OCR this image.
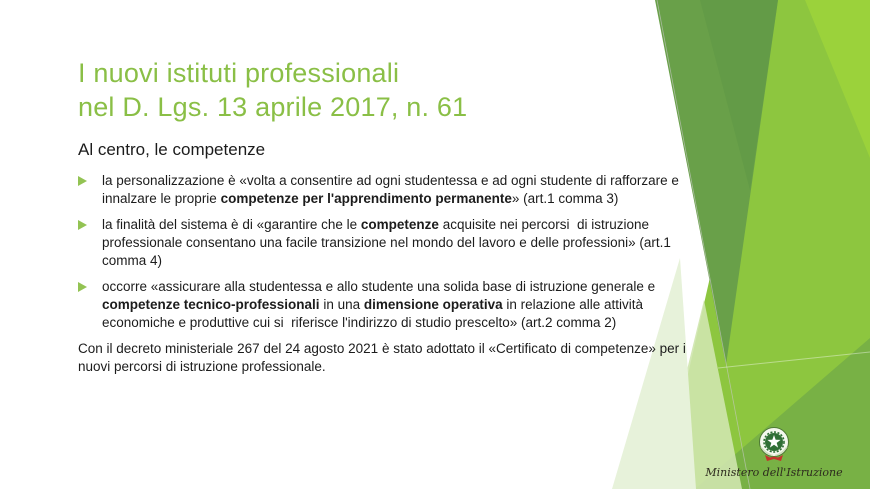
I nuovi istituti professionali
nel D. Lgs. 13 aprile 2017, n. 61
Al centro, le competenze
la personalizzazione è «volta a consentire ad ogni studentessa e ad ogni studente di rafforzare e innalzare le proprie competenze per l'apprendimento permanente» (art.1 comma 3)
la finalità del sistema è di «garantire che le competenze acquisite nei percorsi  di istruzione professionale consentano una facile transizione nel mondo del lavoro e delle professioni» (art.1 comma 4)
occorre «assicurare alla studentessa e allo studente una solida base di istruzione generale e competenze tecnico-professionali in una dimensione operativa in relazione alle attività economiche e produttive cui si  riferisce l'indirizzo di studio prescelto» (art.2 comma 2)

Con il decreto ministeriale 267 del 24 agosto 2021 è stato adottato il «Certificato di competenze» per i nuovi percorsi di istruzione professionale.

Ministero dell'Istruzione
